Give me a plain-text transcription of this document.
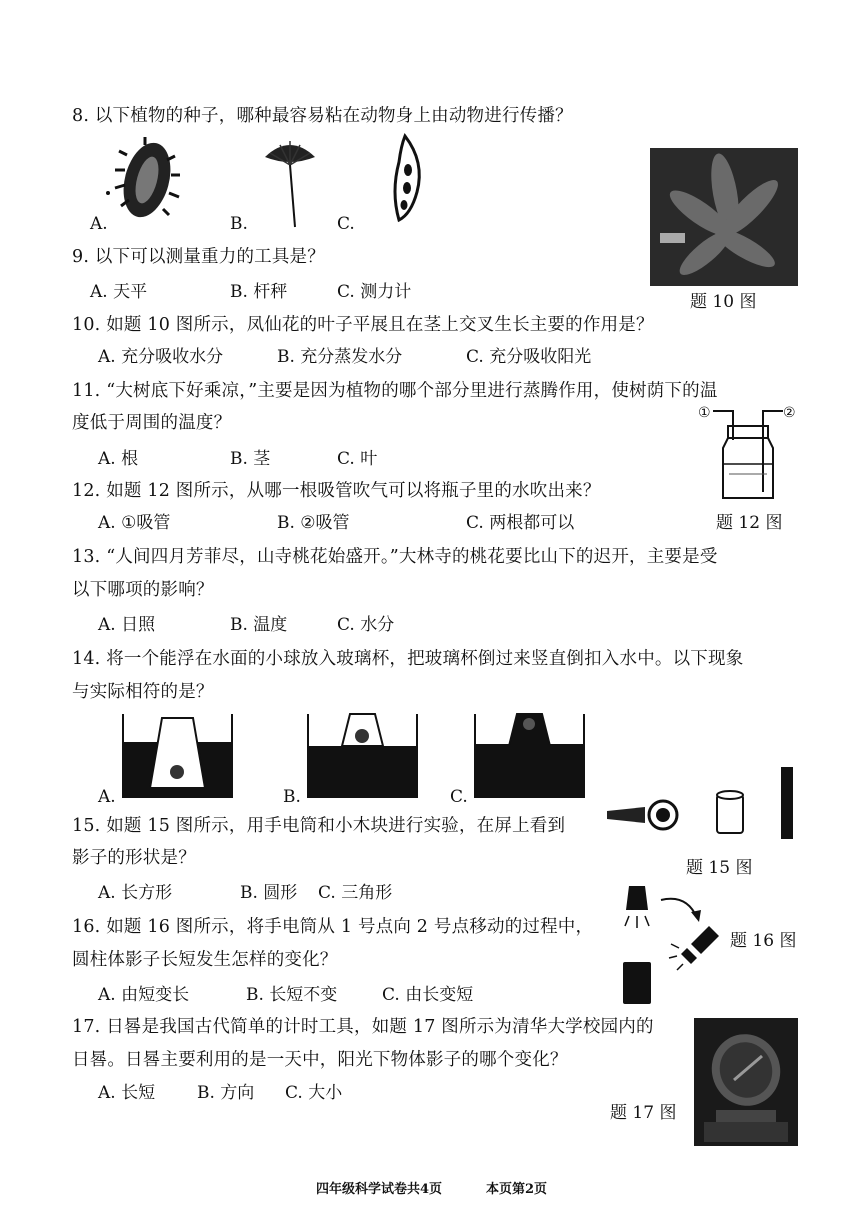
8. 以下植物的种子，哪种最容易粘在动物身上由动物进行传播？
A.	B.	C.
题 10 图
9. 以下可以测量重力的工具是？
A. 天平	B. 杆秤	C. 测力计
10. 如题 10 图所示，凤仙花的叶子平展且在茎上交叉生长主要的作用是？
A. 充分吸收水分	B. 充分蒸发水分	C. 充分吸收阳光
11. “大树底下好乘凉，”主要是因为植物的哪个部分里进行蒸腾作用，使树荫下的温
度低于周围的温度？
A. 根	B. 茎	C. 叶
①	②
12. 如题 12 图所示，从哪一根吸管吹气可以将瓶子里的水吹出来？
A. ①吸管	B. ②吸管	C. 两根都可以	题 12 图
13. “人间四月芳菲尽，山寺桃花始盛开。”大林寺的桃花要比山下的迟开，主要是受
以下哪项的影响？
A. 日照	B. 温度	C. 水分
14. 将一个能浮在水面的小球放入玻璃杯，把玻璃杯倒过来竖直倒扣入水中。以下现象
与实际相符的是？
A.	B.	C.
题 15 图
15. 如题 15 图所示，用手电筒和小木块进行实验，在屏上看到
影子的形状是？
A. 长方形	B. 圆形 C. 三角形
题 16 图
16. 如题 16 图所示，将手电筒从 1 号点向 2 号点移动的过程中，
圆柱体影子长短发生怎样的变化？
A. 由短变长	B. 长短不变	C. 由长变短
17. 日晷是我国古代简单的计时工具，如题 17 图所示为清华大学校园内的
日晷。日晷主要利用的是一天中，阳光下物体影子的哪个变化？
A. 长短 B. 方向 C. 大小
题 17 图
四年级科学试卷共4页	本页第2页
